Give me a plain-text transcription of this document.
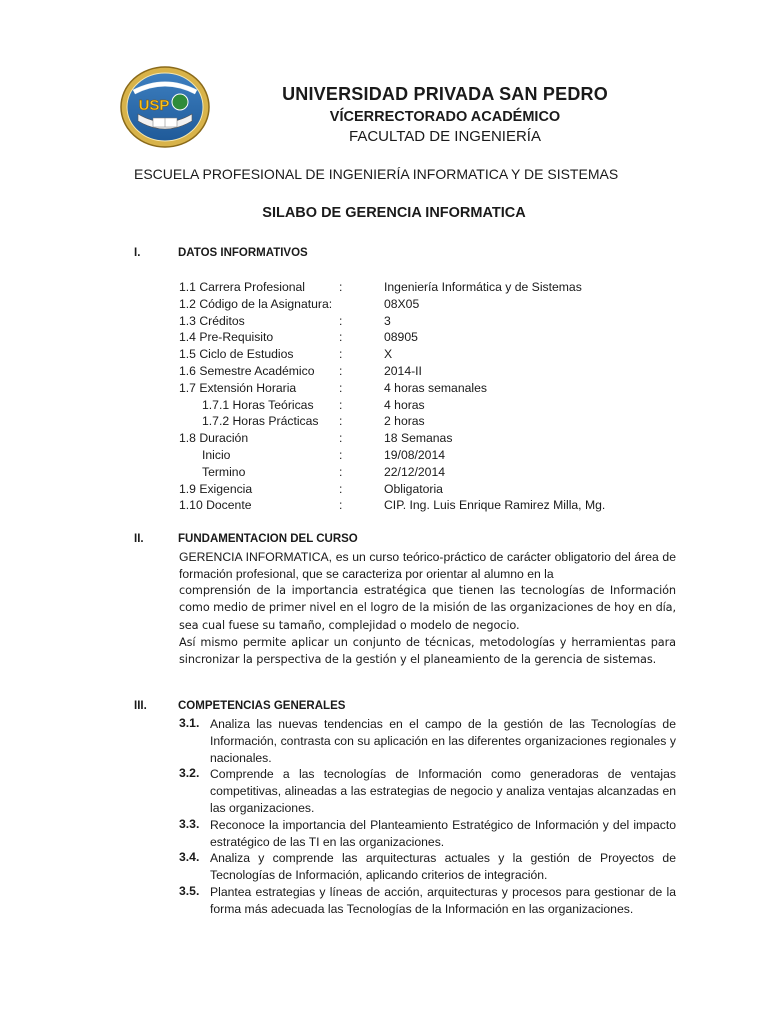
USP
UNIVERSIDAD PRIVADA SAN PEDRO
VÍCERRECTORADO ACADÉMICO
FACULTAD DE INGENIERÍA
ESCUELA PROFESIONAL DE INGENIERÍA INFORMATICA Y DE SISTEMAS
SILABO DE GERENCIA INFORMATICA
I.	DATOS INFORMATIVOS
1.1 Carrera Profesional	:	Ingeniería Informática y de Sistemas
1.2 Código de la Asignatura:	08X05
1.3 Créditos	:	3
1.4 Pre-Requisito	:	08905
1.5 Ciclo de Estudios	:	X
1.6 Semestre Académico :	2014-II
1.7 Extensión Horaria	:	4 horas semanales
1.7.1 Horas Teóricas :	4 horas
1.7.2 Horas Prácticas :	2 horas
1.8 Duración	:	18 Semanas
Inicio	:	19/08/2014
Termino	:	22/12/2014
1.9 Exigencia	:	Obligatoria
1.10 Docente	:	CIP. Ing. Luis Enrique Ramirez Milla, Mg.
II.	FUNDAMENTACION DEL CURSO

GERENCIA INFORMATICA, es un curso teórico-práctico de carácter obligatorio del área de formación profesional, que se caracteriza por orientar al alumno en la

comprensión de la importancia estratégica que tienen las tecnologías de Información como medio de primer nivel en el logro de la misión de las organizaciones de hoy en día, sea cual fuese su tamaño, complejidad o modelo de negocio.

Así mismo permite aplicar un conjunto de técnicas, metodologías y herramientas para sincronizar la perspectiva de la gestión y el planeamiento de la gerencia de sistemas.

III.	COMPETENCIAS GENERALES
3.1. Analiza las nuevas tendencias en el campo de la gestión de las Tecnologías de Información, contrasta con su aplicación en las diferentes organizaciones regionales y nacionales.
3.2. Comprende a las tecnologías de Información como generadoras de ventajas competitivas, alineadas a las estrategias de negocio y analiza ventajas alcanzadas en las organizaciones.
3.3. Reconoce la importancia del Planteamiento Estratégico de Información y del impacto estratégico de las TI en las organizaciones.
3.4. Analiza y comprende las arquitecturas actuales y la gestión de Proyectos de Tecnologías de Información, aplicando criterios de integración.
3.5. Plantea estrategias y líneas de acción, arquitecturas y procesos para gestionar de la forma más adecuada las Tecnologías de la Información en las organizaciones.
